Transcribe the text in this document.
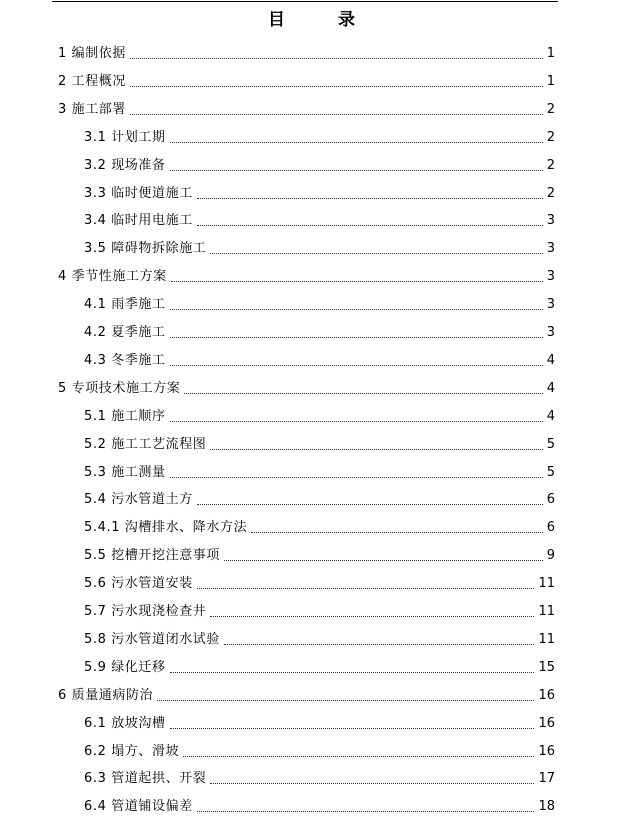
目　录
1 编制依据	1
2 工程概况	1
3 施工部署	2
3.1 计划工期	2
3.2 现场准备	2
3.3 临时便道施工	2
3.4 临时用电施工	3
3.5 障碍物拆除施工	3
4 季节性施工方案	3
4.1 雨季施工	3
4.2 夏季施工	3
4.3 冬季施工	4
5 专项技术施工方案	4
5.1 施工顺序	4
5.2 施工工艺流程图	5
5.3 施工测量	5
5.4 污水管道土方	6
5.4.1 沟槽排水、降水方法	6
5.5 挖槽开挖注意事项	9
5.6 污水管道安装	11
5.7 污水现浇检查井	11
5.8 污水管道闭水试验	11
5.9 绿化迁移	15
6 质量通病防治	16
6.1 放坡沟槽	16
6.2 塌方、滑坡	16
6.3 管道起拱、开裂	17
6.4 管道铺设偏差	18
